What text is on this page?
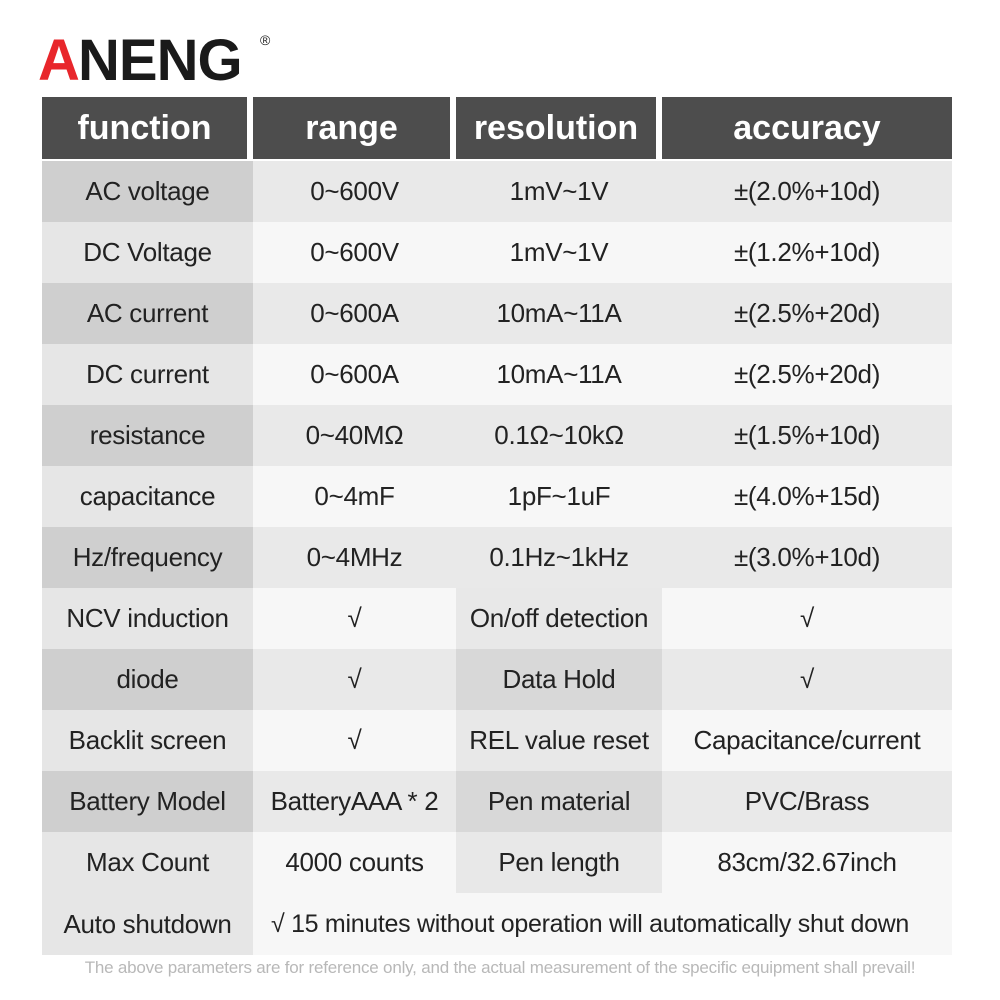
A NENG ®
function	range	resolution	accuracy
AC voltage	0~600V	1mV~1V	±(2.0%+10d)
DC Voltage	0~600V	1mV~1V	±(1.2%+10d)
AC current	0~600A	10mA~11A	±(2.5%+20d)
DC current	0~600A	10mA~11A	±(2.5%+20d)
resistance	0~40MΩ	0.1Ω~10kΩ	±(1.5%+10d)
capacitance	0~4mF	1pF~1uF	±(4.0%+15d)
Hz/frequency	0~4MHz	0.1Hz~1kHz	±(3.0%+10d)
NCV induction	√	On/off detection	√
diode	√	Data Hold	√
Backlit screen	√	REL value reset	Capacitance/current
Battery Model	BatteryAAA * 2	Pen material	PVC/Brass
Max Count	4000 counts	Pen length	83cm/32.67inch
Auto shutdown	√ 15 minutes without operation will automatically shut down
The above parameters are for reference only, and the actual measurement of the specific equipment shall prevail!
